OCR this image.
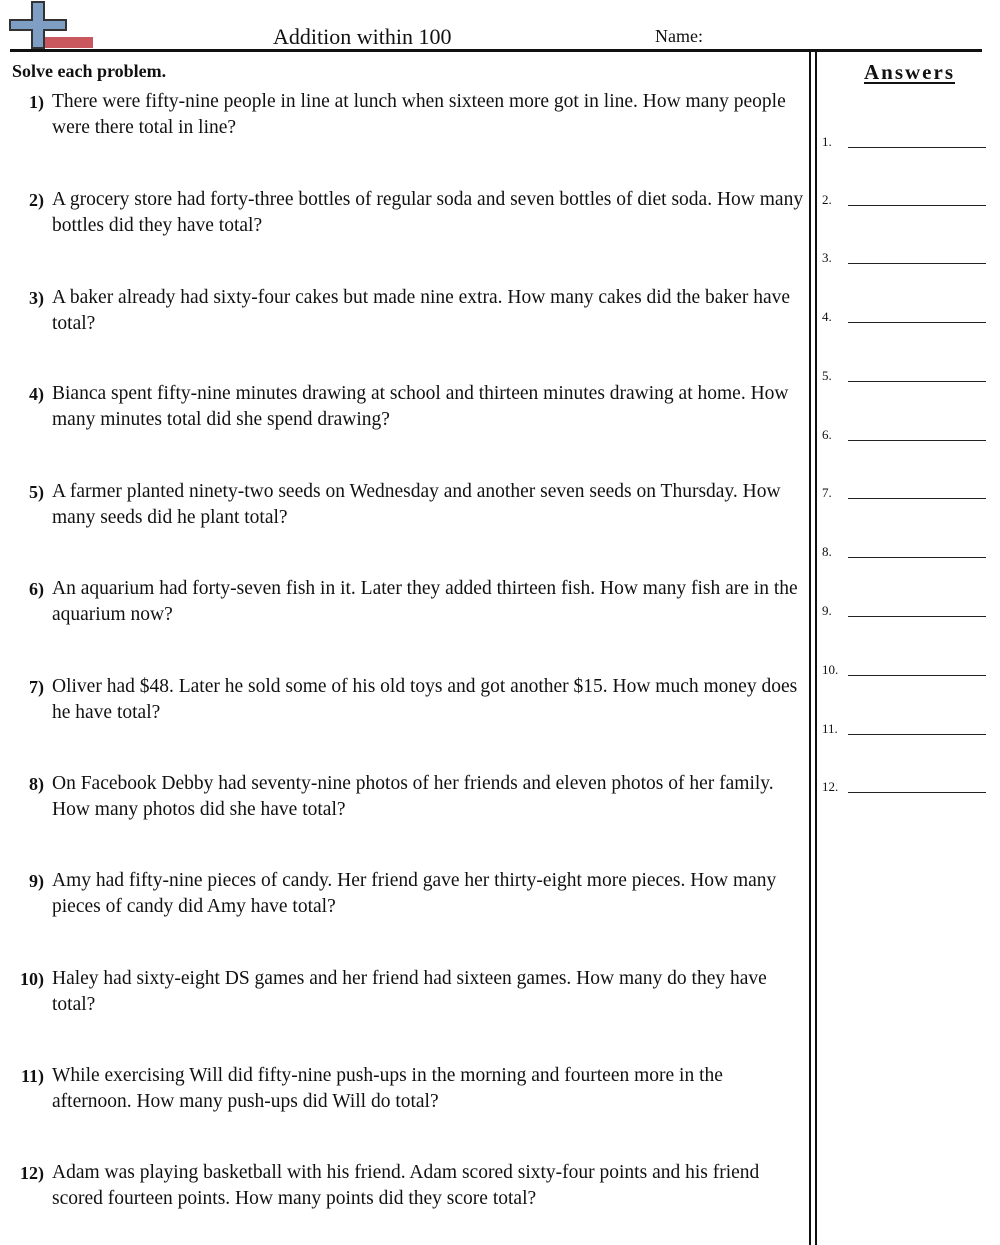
Addition within 100	Name:
Solve each problem.	Answers
1) There were fifty-nine people in line at lunch when sixteen more got in line. How many people were there total in line?
2) A grocery store had forty-three bottles of regular soda and seven bottles of diet soda. How many bottles did they have total?
3) A baker already had sixty-four cakes but made nine extra. How many cakes did the baker have total?
4) Bianca spent fifty-nine minutes drawing at school and thirteen minutes drawing at home. How many minutes total did she spend drawing?
5) A farmer planted ninety-two seeds on Wednesday and another seven seeds on Thursday. How many seeds did he plant total?
6) An aquarium had forty-seven fish in it. Later they added thirteen fish. How many fish are in the aquarium now?
7) Oliver had $48. Later he sold some of his old toys and got another $15. How much money does he have total?
8) On Facebook Debby had seventy-nine photos of her friends and eleven photos of her family. How many photos did she have total?
9) Amy had fifty-nine pieces of candy. Her friend gave her thirty-eight more pieces. How many pieces of candy did Amy have total?
10) Haley had sixty-eight DS games and her friend had sixteen games. How many do they have total?
11) While exercising Will did fifty-nine push-ups in the morning and fourteen more in the afternoon. How many push-ups did Will do total?
12) Adam was playing basketball with his friend. Adam scored sixty-four points and his friend scored fourteen points. How many points did they score total?
1.
2.
3.
4.
5.
6.
7.
8.
9.
10.
11.
12.
